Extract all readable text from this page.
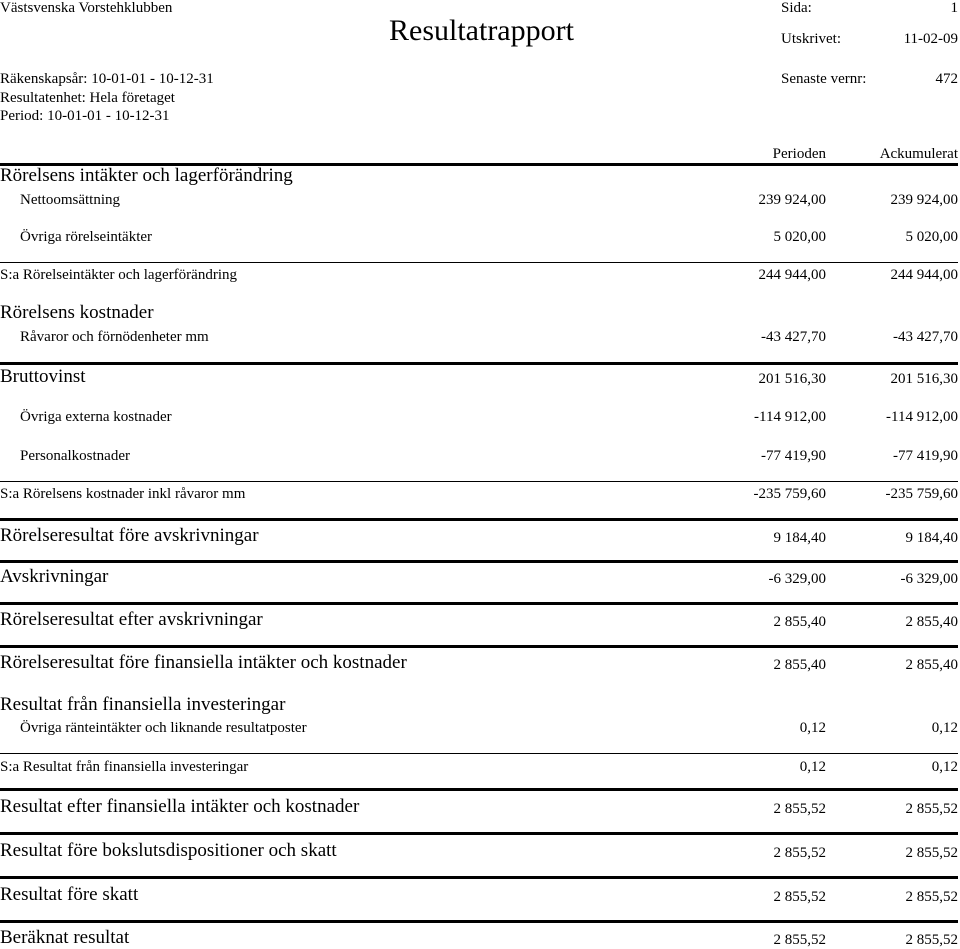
Västsvenska Vorstehklubben
Resultatrapport
Sida:	1
Utskrivet:	11-02-09
Räkenskapsår: 10-01-01 - 10-12-31	Senaste vernr:	472
Resultatenhet: Hela företaget
Period: 10-01-01 - 10-12-31
Perioden	Ackumulerat
Rörelsens intäkter och lagerförändring
Nettoomsättning	239 924,00	239 924,00
Övriga rörelseintäkter	5 020,00	5 020,00
S:a Rörelseintäkter och lagerförändring	244 944,00	244 944,00
Rörelsens kostnader
Råvaror och förnödenheter mm	-43 427,70	-43 427,70
Bruttovinst	201 516,30	201 516,30
Övriga externa kostnader	-114 912,00	-114 912,00
Personalkostnader	-77 419,90	-77 419,90
S:a Rörelsens kostnader inkl råvaror mm	-235 759,60	-235 759,60
Rörelseresultat före avskrivningar	9 184,40	9 184,40
Avskrivningar	-6 329,00	-6 329,00
Rörelseresultat efter avskrivningar	2 855,40	2 855,40
Rörelseresultat före finansiella intäkter och kostnader	2 855,40	2 855,40
Resultat från finansiella investeringar
Övriga ränteintäkter och liknande resultatposter	0,12	0,12
S:a Resultat från finansiella investeringar	0,12	0,12
Resultat efter finansiella intäkter och kostnader	2 855,52	2 855,52
Resultat före bokslutsdispositioner och skatt	2 855,52	2 855,52
Resultat före skatt	2 855,52	2 855,52
Beräknat resultat	2 855,52	2 855,52
